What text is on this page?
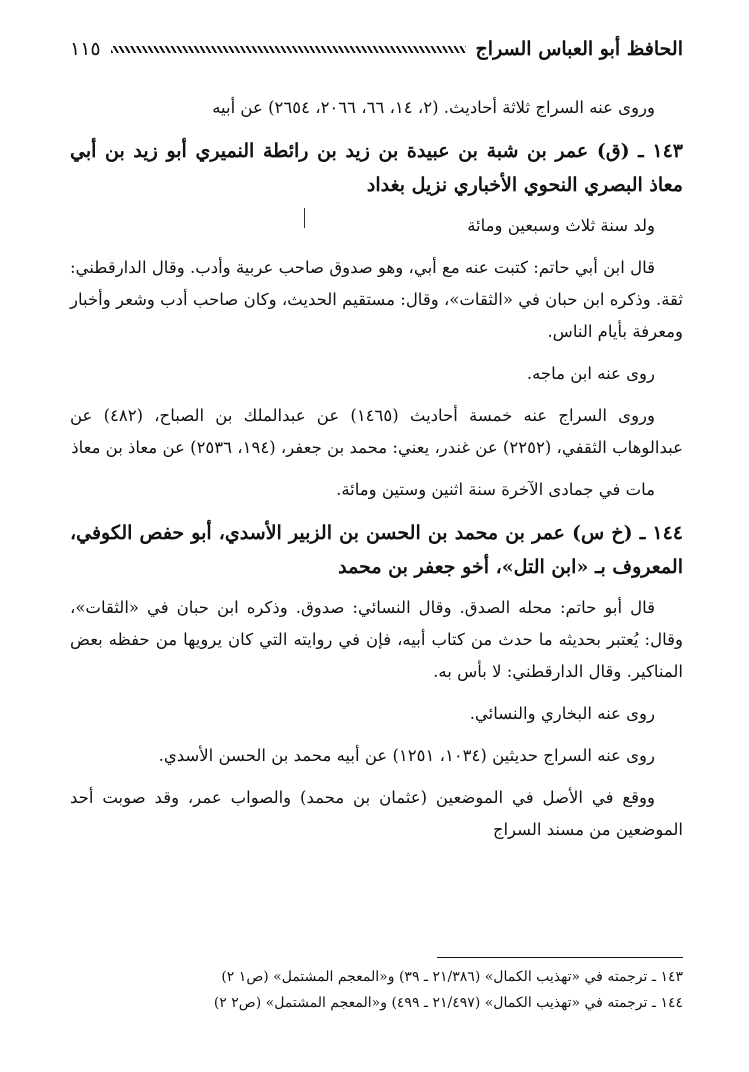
الحافظ أبو العباس السراج
١١٥

وروى عنه السراج ثلاثة أحاديث. (٢، ١٤، ٦٦، ٢٠٦٦، ٢٦٥٤) عن أبيه

١٤٣ ـ (ق) عمر بن شبة بن عبيدة بن زيد بن رائطة النميري أبو زيد بن أبي معاذ البصري النحوي الأخباري نزيل بغداد

ولد سنة ثلاث وسبعين ومائة

قال ابن أبي حاتم: كتبت عنه مع أبي، وهو صدوق صاحب عربية وأدب. وقال الدارقطني: ثقة. وذكره ابن حبان في «الثقات»، وقال: مستقيم الحديث، وكان صاحب أدب وشعر وأخبار ومعرفة بأيام الناس.

روى عنه ابن ماجه.

وروى السراج عنه خمسة أحاديث (١٤٦٥) عن عبدالملك بن الصباح، (٤٨٢) عن عبدالوهاب الثقفي، (٢٢٥٢) عن غندر، يعني: محمد بن جعفر، (١٩٤، ٢٥٣٦) عن معاذ بن معاذ

مات في جمادى الآخرة سنة اثنين وستين ومائة.

١٤٤ ـ (خ س) عمر بن محمد بن الحسن بن الزبير الأسدي، أبو حفص الكوفي، المعروف بـ «ابن التل»، أخو جعفر بن محمد

قال أبو حاتم: محله الصدق. وقال النسائي: صدوق. وذكره ابن حبان في «الثقات»، وقال: يُعتبر بحديثه ما حدث من كتاب أبيه، فإن في روايته التي كان يرويها من حفظه بعض المناكير. وقال الدارقطني: لا بأس به.

روى عنه البخاري والنسائي.

روى عنه السراج حديثين (١٠٣٤، ١٢٥١) عن أبيه محمد بن الحسن الأسدي.

ووقع في الأصل في الموضعين (عثمان بن محمد) والصواب عمر، وقد صوبت أحد الموضعين من مسند السراج

١٤٣ ـ ترجمته في «تهذيب الكمال» (٢١/٣٨٦ ـ ٣٩) و«المعجم المشتمل» (ص١ ٢)
١٤٤ ـ ترجمته في «تهذيب الكمال» (٢١/٤٩٧ ـ ٤٩٩) و«المعجم المشتمل» (ص٢ ٢)
